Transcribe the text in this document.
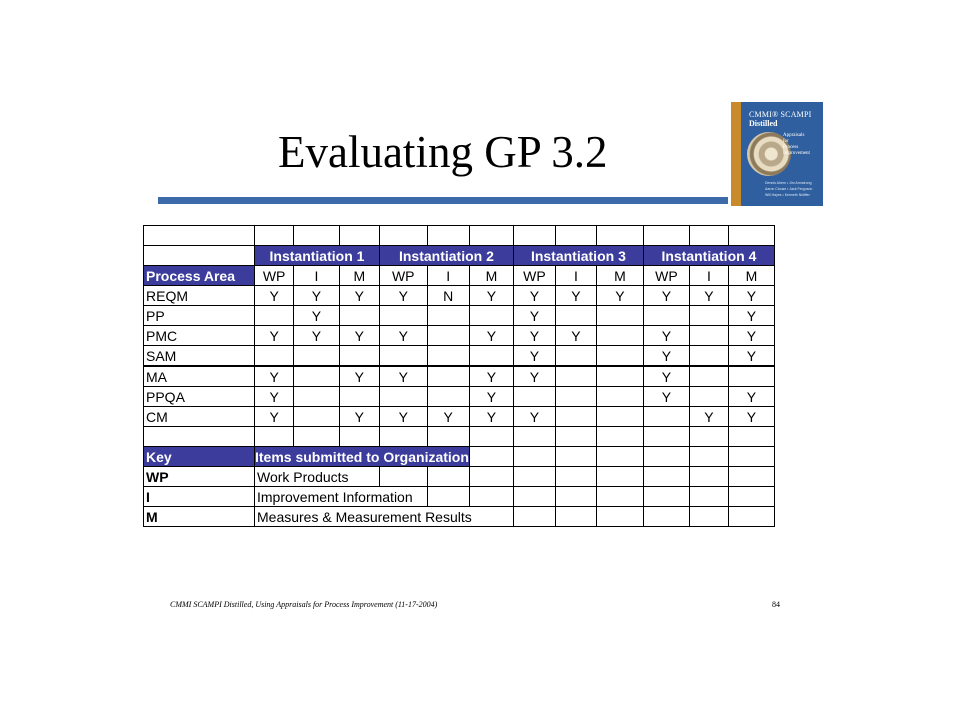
Evaluating GP 3.2
CMMI® SCAMPI
Distilled
Appraisals
for
Process
Improvement
Dennis Ahern • Jim Armstrong
Aaron Clouse • Jack Ferguson
Will Hayes • Kenneth Nidiffer

	Instantiation 1			Instantiation 2			Instantiation 3			Instantiation 4		
Process Area	WP	I	M	WP	I	M	WP	I	M	WP	I	M
REQM	Y	Y	Y	Y	N	Y	Y	Y	Y	Y	Y	Y
PP		Y					Y					Y
PMC	Y	Y	Y	Y		Y	Y	Y		Y		Y
SAM							Y			Y		Y
MA	Y		Y	Y		Y	Y			Y		
PPQA	Y					Y				Y		Y
CM	Y		Y	Y	Y	Y	Y				Y	Y

Key	Items submitted to Organization											
WP	Work Products											
I	Improvement Information											
M	Measures & Measurement Results											
CMMI SCAMPI Distilled, Using Appraisals for Process Improvement (11-17-2004)	84
